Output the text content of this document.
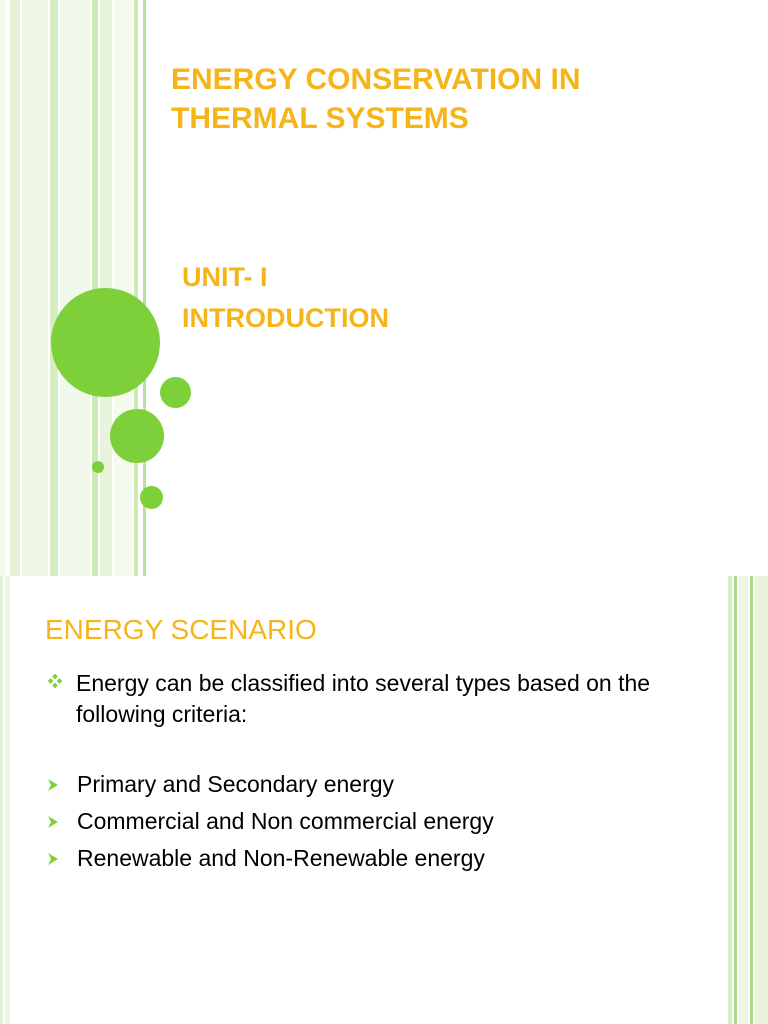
ENERGY CONSERVATION IN THERMAL SYSTEMS
UNIT- I
INTRODUCTION
ENERGY SCENARIO

Energy can be classified into several types based on the following criteria:

Primary and Secondary energy
Commercial and Non commercial energy
Renewable and Non-Renewable energy
